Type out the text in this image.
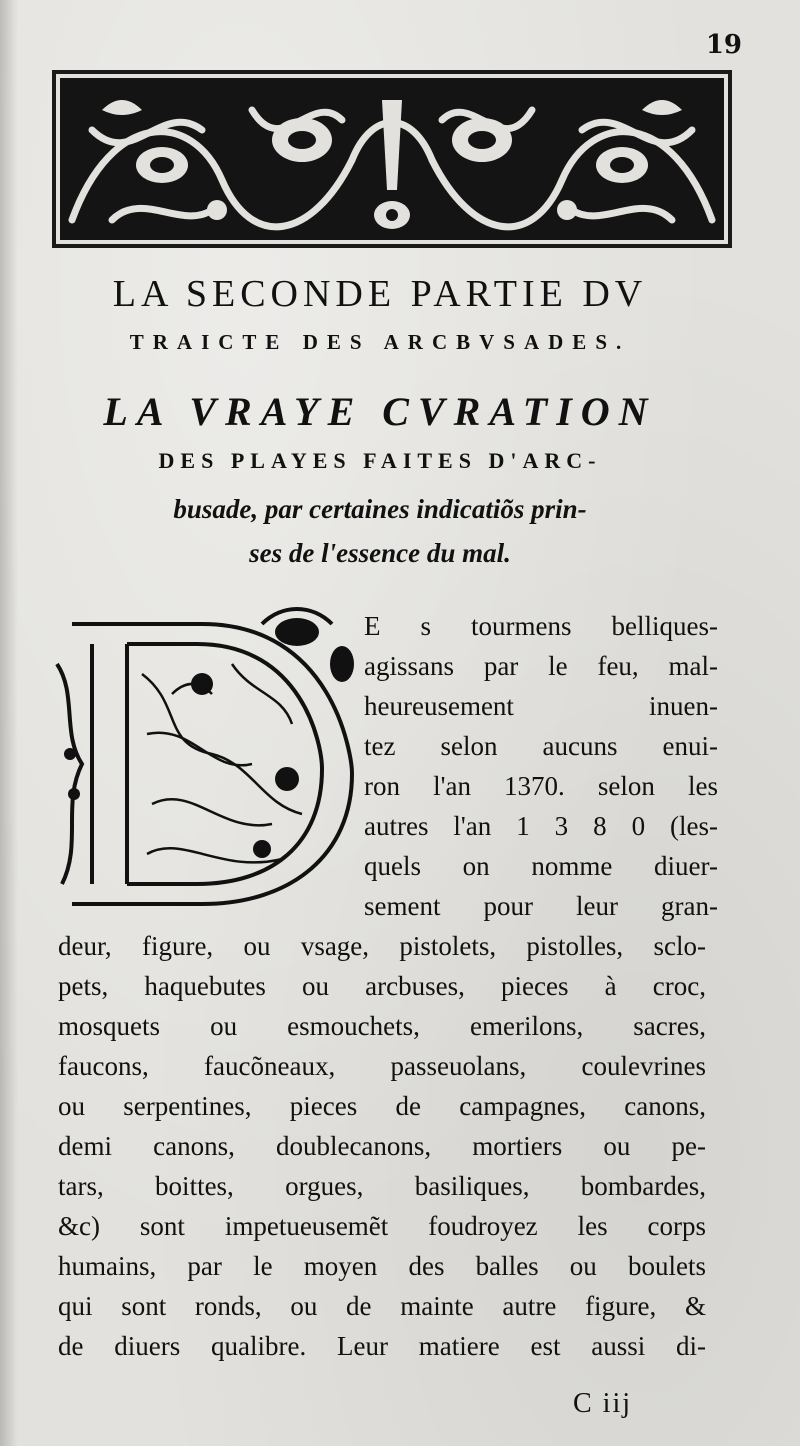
19
LA SECONDE PARTIE DV
TRAICTE DES ARCBVSADES.
LA VRAYE CVRATION
DES PLAYES FAITES D'ARC-
busade, par certaines indicatiõs prin-
ses de l'essence du mal.
E s tourmens belliques-
agissans par le feu, mal-
heureusement inuen-
tez selon aucuns enui-
ron l'an 1370. selon les
autres l'an 1 3 8 0 (les-
quels on nomme diuer-
sement pour leur gran-
deur, figure, ou vsage, pistolets, pistolles, sclo-
pets, haquebutes ou arcbuses, pieces à croc,
mosquets ou esmouchets, emerilons, sacres,
faucons, faucõneaux, passeuolans, coulevrines
ou serpentines, pieces de campagnes, canons,
demi canons, doublecanons, mortiers ou pe-
tars, boittes, orgues, basiliques, bombardes,
&c) sont impetueusemẽt foudroyez les corps
humains, par le moyen des balles ou boulets
qui sont ronds, ou de mainte autre figure, &
de diuers qualibre. Leur matiere est aussi di-
C iij
